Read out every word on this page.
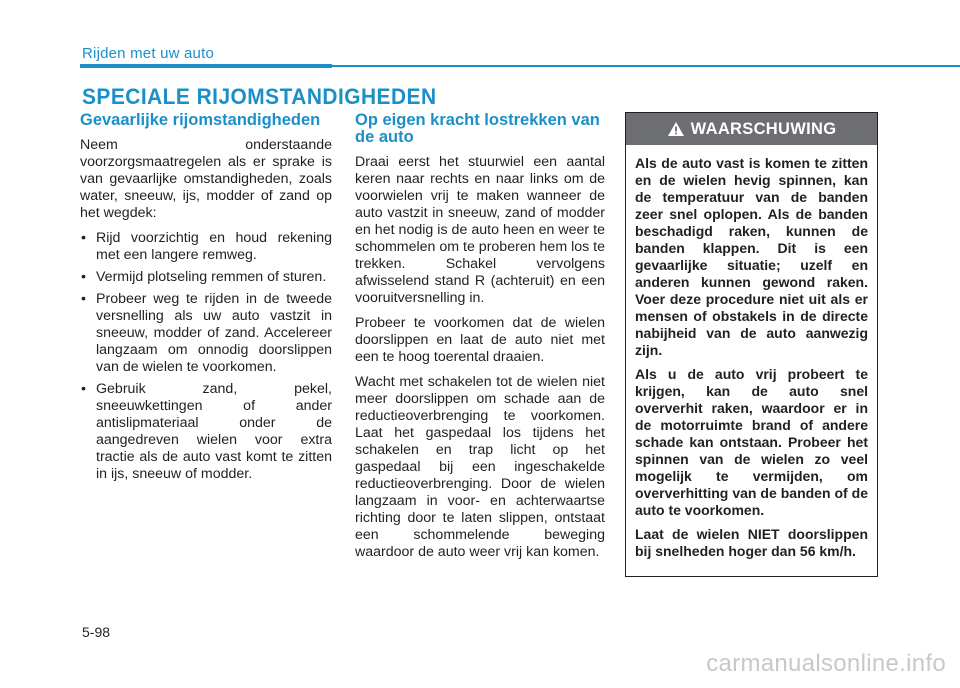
Rijden met uw auto
SPECIALE RIJOMSTANDIGHEDEN
Gevaarlijke rijomstandigheden

Neem onderstaande voorzorgsmaatregelen als er sprake is van gevaarlijke omstandigheden, zoals water, sneeuw, ijs, modder of zand op het wegdek:

• Rijd voorzichtig en houd rekening met een langere remweg.
• Vermijd plotseling remmen of sturen.
• Probeer weg te rijden in de tweede versnelling als uw auto vastzit in sneeuw, modder of zand. Accelereer langzaam om onnodig doorslippen van de wielen te voorkomen.
• Gebruik zand, pekel, sneeuwkettingen of ander antislipmateriaal onder de aangedreven wielen voor extra tractie als de auto vast komt te zitten in ijs, sneeuw of modder.
Op eigen kracht lostrekken van de auto

Draai eerst het stuurwiel een aantal keren naar rechts en naar links om de voorwielen vrij te maken wanneer de auto vastzit in sneeuw, zand of modder en het nodig is de auto heen en weer te schommelen om te proberen hem los te trekken. Schakel vervolgens afwisselend stand R (achteruit) en een vooruitversnelling in.

Probeer te voorkomen dat de wielen doorslippen en laat de auto niet met een te hoog toerental draaien.

Wacht met schakelen tot de wielen niet meer doorslippen om schade aan de reductieoverbrenging te voorkomen. Laat het gaspedaal los tijdens het schakelen en trap licht op het gaspedaal bij een ingeschakelde reductieoverbrenging. Door de wielen langzaam in voor- en achterwaartse richting door te laten slippen, ontstaat een schommelende beweging waardoor de auto weer vrij kan komen.

WAARSCHUWING

Als de auto vast is komen te zitten en de wielen hevig spinnen, kan de temperatuur van de banden zeer snel oplopen. Als de banden beschadigd raken, kunnen de banden klappen. Dit is een gevaarlijke situatie; uzelf en anderen kunnen gewond raken. Voer deze procedure niet uit als er mensen of obstakels in de directe nabijheid van de auto aanwezig zijn.

Als u de auto vrij probeert te krijgen, kan de auto snel oververhit raken, waardoor er in de motorruimte brand of andere schade kan ontstaan. Probeer het spinnen van de wielen zo veel mogelijk te vermijden, om oververhitting van de banden of de auto te voorkomen.

Laat de wielen NIET doorslippen bij snelheden hoger dan 56 km/h.

5-98
carmanualsonline.info
